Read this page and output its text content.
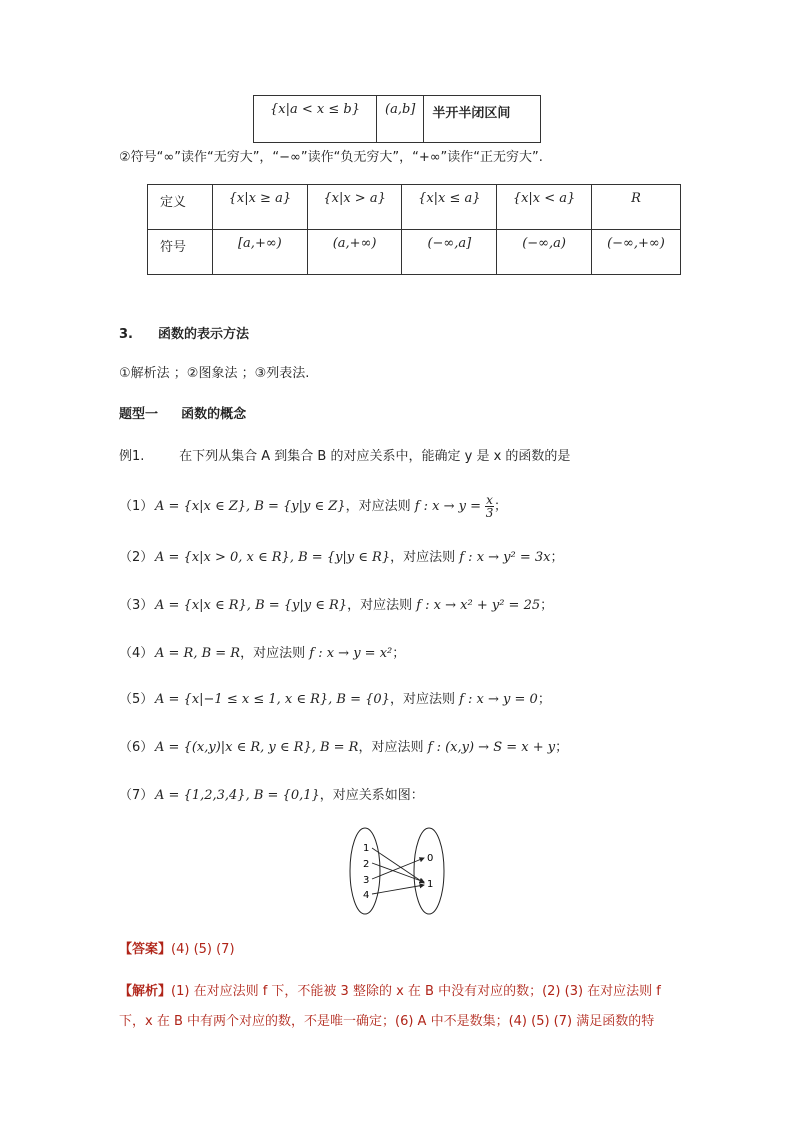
{x|a < x ≤ b}	(a,b]	半开半闭区间
②符号“∞”读作“无穷大”，“−∞”读作“负无穷大”，“+∞”读作“正无穷大”.
定义	{x|x ≥ a}	{x|x > a}	{x|x ≤ a}	{x|x < a}	R
符号	[a,+∞)	(a,+∞)	(−∞,a]	(−∞,a)	(−∞,+∞)
3. 函数的表示方法
①解析法 ；②图象法 ；③列表法.
题型一 函数的概念
例1.	在下列从集合 A 到集合 B 的对应关系中，能确定 y 是 x 的函数的是
（1） A = {x|x ∈ Z}, B = {y|y ∈ Z}，对应法则 f : $x \to y = \frac{x}{3}$ ；
（2） A = {x|x > 0, x ∈ R}, B = {y|y ∈ R}，对应法则 f : x → y² = 3x；
（3） A = {x|x ∈ R}, B = {y|y ∈ R}，对应法则 f : x → x² + y² = 25；
（4） A = R, B = R，对应法则 f : x → y = x²；
（5） A = {x|−1 ≤ x ≤ 1, x ∈ R}, B = {0}，对应法则 f : x → y = 0；
（6） A = {(x,y)|x ∈ R, y ∈ R}, B = R，对应法则 f : (x,y) → S = x + y；
（7） A = {1,2,3,4}, B = {0,1}，对应关系如图：
1
2
3
4
0
1
【答案】(4) (5) (7)
【解析】(1) 在对应法则 f 下，不能被 3 整除的 x 在 B 中没有对应的数；(2) (3) 在对应法则 f
下，x 在 B 中有两个对应的数，不是唯一确定；(6) A 中不是数集；(4) (5) (7) 满足函数的特
